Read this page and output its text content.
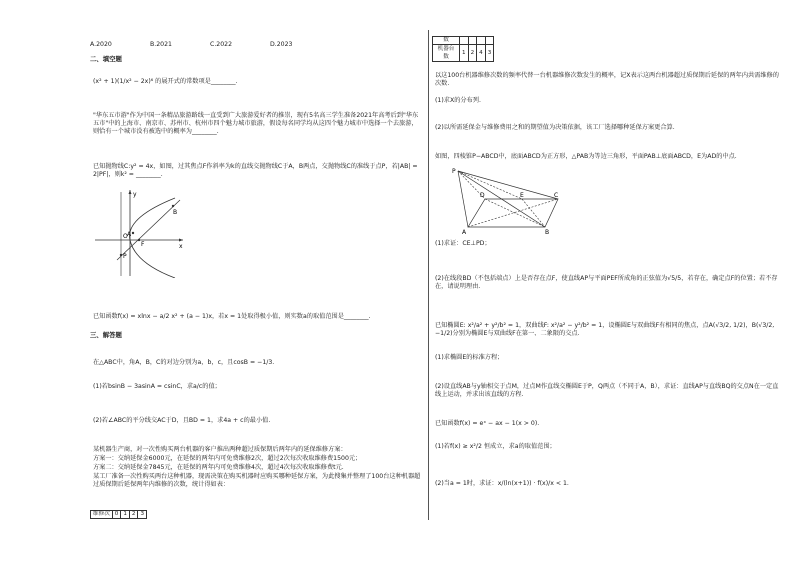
A.2020	B.2021	C.2022	D.2023
二、填空题
(x² + 1)(1/x² − 2x)⁶ 的展开式的常数项是________.
"华东五市游"作为中国一条精品旅游路线一直受到广大旅游爱好者的推崇，现有5名高三学生准备2021年高考后到"华东五市"中的上海市、南京市、苏州市、杭州市四个魅力城市旅游，假设每名同学均从这四个魅力城市中选择一个去旅游，则恰有一个城市没有被选中的概率为________.
已知抛物线C:y² = 4x，如图，过其焦点F作斜率为k的直线交抛物线C于A，B两点，交抛物线C的准线于点P，若|AB| = 2|PF|，则k² = ________.
B
F
P
A
O
y
x
已知函数f(x) = xlnx − a/2 x² + (a − 1)x，若x = 1处取得极小值，则实数a的取值范围是________.
三、解答题
在△ABC中，角A，B，C的对边分别为a，b，c，且cosB = −1/3.
(1)若bsinB − 3asinA = csinC，求a/c的值；
(2)若∠ABC的平分线交AC于D，且BD = 1，求4a + c的最小值.
某机器生产商，对一次性购买两台机器的客户推出两种超过质保期后两年内的延保维修方案：
方案一：交纳延保金6000元，在延保的两年内可免费维修2次，超过2次每次收取维修费1500元；
方案二：交纳延保金7845元，在延保的两年内可免费维修4次，超过4次每次收取维修费t元.
某工厂准备一次性购买两台这种机器，现需决策在购买机器时应购买哪种延保方案，为此搜集并整理了100台这种机器超过质保期后延保两年内维修的次数，统计得如表：
维修次	0	1	2	3
数				
机器台数	1	2	4	3
以这100台机器维修次数的频率代替一台机器维修次数发生的概率，记X表示这两台机器超过质保期后延保的两年内共需维修的次数.
(1)求X的分布列.
(2)以所需延保金与维修费用之和的期望值为决策依据，该工厂选择哪种延保方案更合算.
如图，四棱锥P−ABCD中，底面ABCD为正方形，△PAB为等边三角形，平面PAB⊥底面ABCD，E为AD的中点.
P
A	B
C
E
D
(1)求证：CE⊥PD；
(2)在线段BD（不包括端点）上是否存在点F，使直线AP与平面PEF所成角的正弦值为√5/5，若存在，确定点F的位置；若不存在，请说明理由.
已知椭圆E: x²/a² + y²/b² = 1，双曲线F: x²/a² − y²/b² = 1，设椭圆E与双曲线F有相同的焦点，点A(√3/2, 1/2)，B(√3/2, −1/2)分别为椭圆E与双曲线F在第一、二象限的交点.
(1)求椭圆E的标准方程；
(2)设直线AB与y轴相交于点M，过点M作直线交椭圆E于P，Q两点（不同于A，B），求证：直线AP与直线BQ的交点N在一定直线上运动，并求出该直线的方程.
已知函数f(x) = eˣ − ax − 1(x > 0).
(1)若f(x) ≥ x²/2 恒成立，求a的取值范围；
(2)当a = 1时，求证：x/(ln(x+1)) · f(x)/x < 1.
